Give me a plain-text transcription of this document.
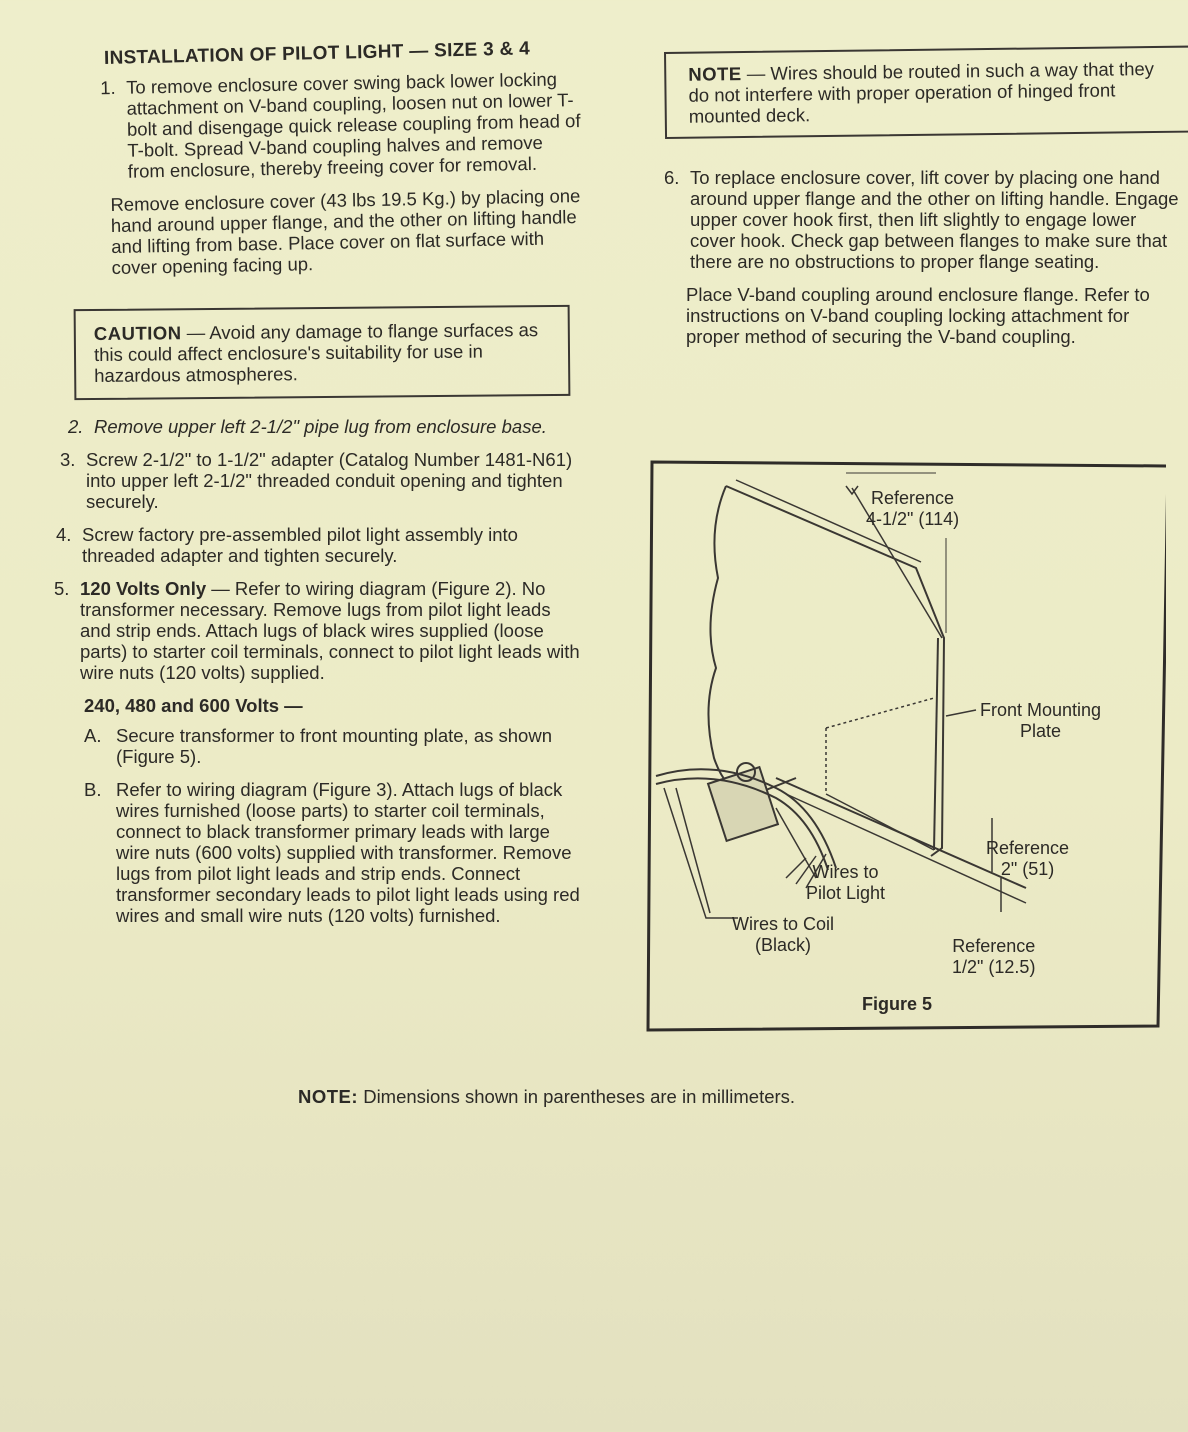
INSTALLATION OF PILOT LIGHT — SIZE 3 & 4
1. To remove enclosure cover swing back lower locking attachment on V-band coupling, loosen nut on lower T-bolt and disengage quick release coupling from head of T-bolt. Spread V-band coupling halves and remove from enclosure, thereby freeing cover for removal.
Remove enclosure cover (43 lbs 19.5 Kg.) by placing one hand around upper flange, and the other on lifting handle and lifting from base. Place cover on flat surface with cover opening facing up.
CAUTION — Avoid any damage to flange surfaces as this could affect enclosure's suitability for use in hazardous atmospheres.
2. Remove upper left 2-1/2" pipe lug from enclosure base.
3. Screw 2-1/2" to 1-1/2" adapter (Catalog Number 1481-N61) into upper left 2-1/2" threaded conduit opening and tighten securely.
4. Screw factory pre-assembled pilot light assembly into threaded adapter and tighten securely.
5. 120 Volts Only — Refer to wiring diagram (Figure 2). No transformer necessary. Remove lugs from pilot light leads and strip ends. Attach lugs of black wires supplied (loose parts) to starter coil terminals, connect to pilot light leads with wire nuts (120 volts) supplied.
240, 480 and 600 Volts —
A. Secure transformer to front mounting plate, as shown (Figure 5).
B. Refer to wiring diagram (Figure 3). Attach lugs of black wires furnished (loose parts) to starter coil terminals, connect to black transformer primary leads with large wire nuts (600 volts) supplied with transformer. Remove lugs from pilot light leads and strip ends. Connect transformer secondary leads to pilot light leads using red wires and small wire nuts (120 volts) furnished.
NOTE — Wires should be routed in such a way that they do not interfere with proper operation of hinged front mounted deck.
6. To replace enclosure cover, lift cover by placing one hand around upper flange and the other on lifting handle. Engage upper cover hook first, then lift slightly to engage lower cover hook. Check gap between flanges to make sure that there are no obstructions to proper flange seating.
Place V-band coupling around enclosure flange. Refer to instructions on V-band coupling locking attachment for proper method of securing the V-band coupling.
Reference
4-1/2" (114)
Front Mounting
Plate
Reference
2" (51)
Wires to
Pilot Light
Wires to Coil
(Black)	Reference
1/2" (12.5)
Figure 5
NOTE: Dimensions shown in parentheses are in millimeters.
